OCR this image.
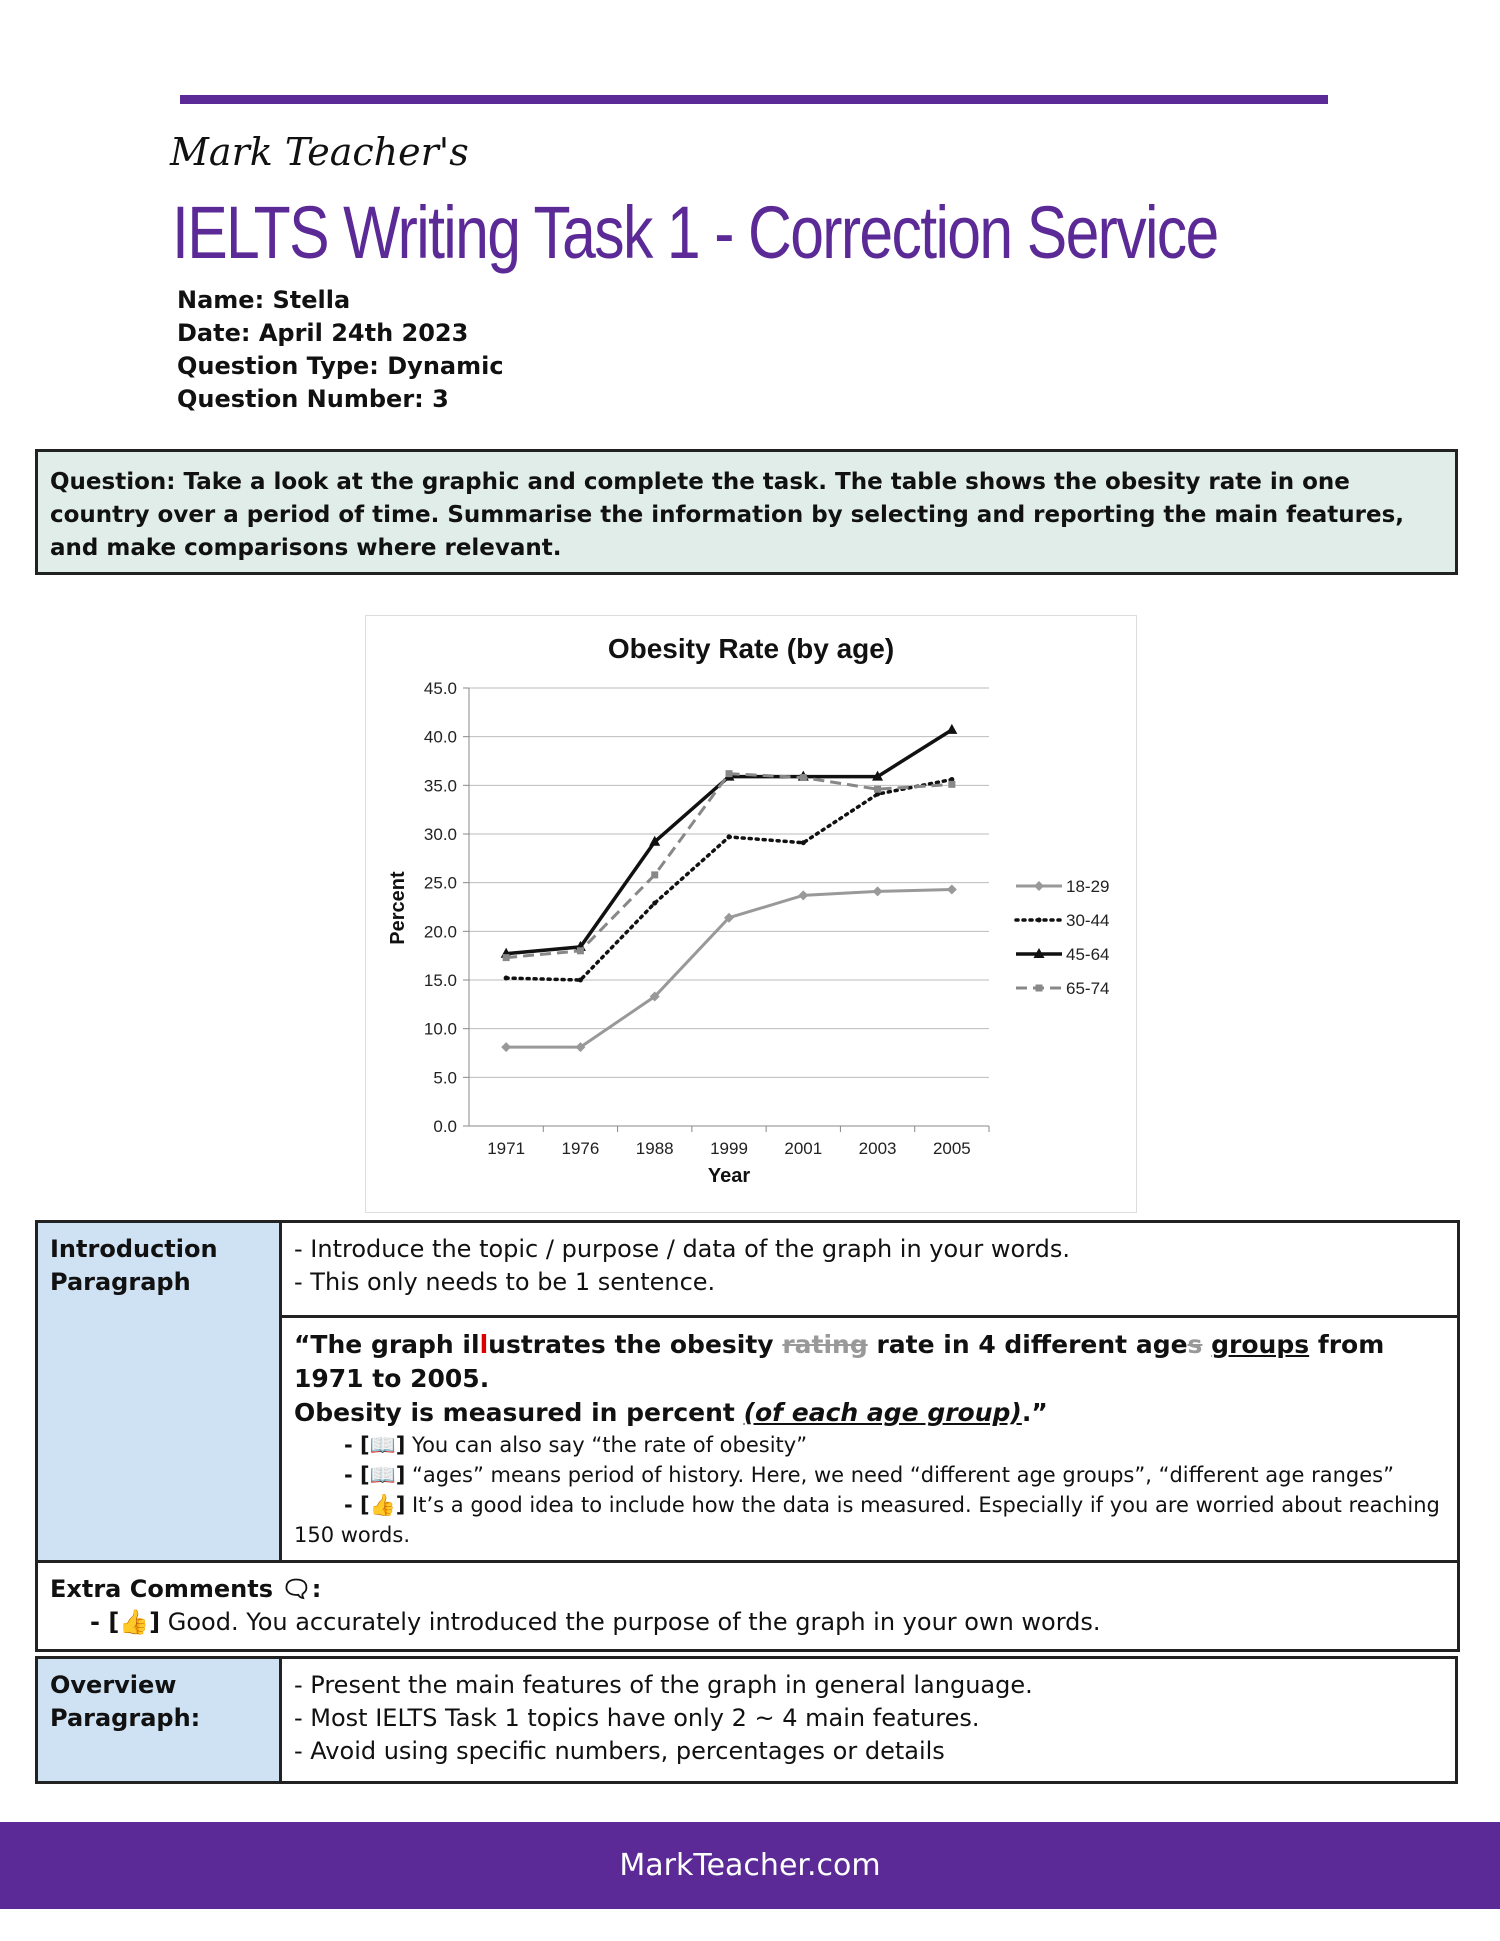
Mark Teacher's
IELTS Writing Task 1 - Correction Service
Name: Stella
Date: April 24th 2023
Question Type: Dynamic
Question Number: 3
Question: Take a look at the graphic and complete the task. The table shows the obesity rate in one country over a period of time. Summarise the information by selecting and reporting the main features, and make comparisons where relevant.
Obesity Rate (by age)
0.0
5.0
10.0
15.0
20.0
25.0
30.0
35.0
40.0
45.0
1971 1976 1988 1999 2001 2003 2005
18-29
30-44
45-64
65-74
Year
Percent
Introduction
Paragraph

- Introduce the topic / purpose / data of the graph in your words.
- This only needs to be 1 sentence.

“The graph illustrates the obesity rating rate in 4 different ages groups from 1971 to 2005.
Obesity is measured in percent (of each age group).”
- [📖] You can also say “the rate of obesity”
- [📖] “ages” means period of history. Here, we need “different age groups”, “different age ranges”
- [👍] It’s a good idea to include how the data is measured. Especially if you are worried about reaching 150 words.

Extra Comments 🗨:
- [👍] Good. You accurately introduced the purpose of the graph in your own words.
Overview
Paragraph:

- Present the main features of the graph in general language.
- Most IELTS Task 1 topics have only 2 ~ 4 main features.
- Avoid using specific numbers, percentages or details
MarkTeacher.com
